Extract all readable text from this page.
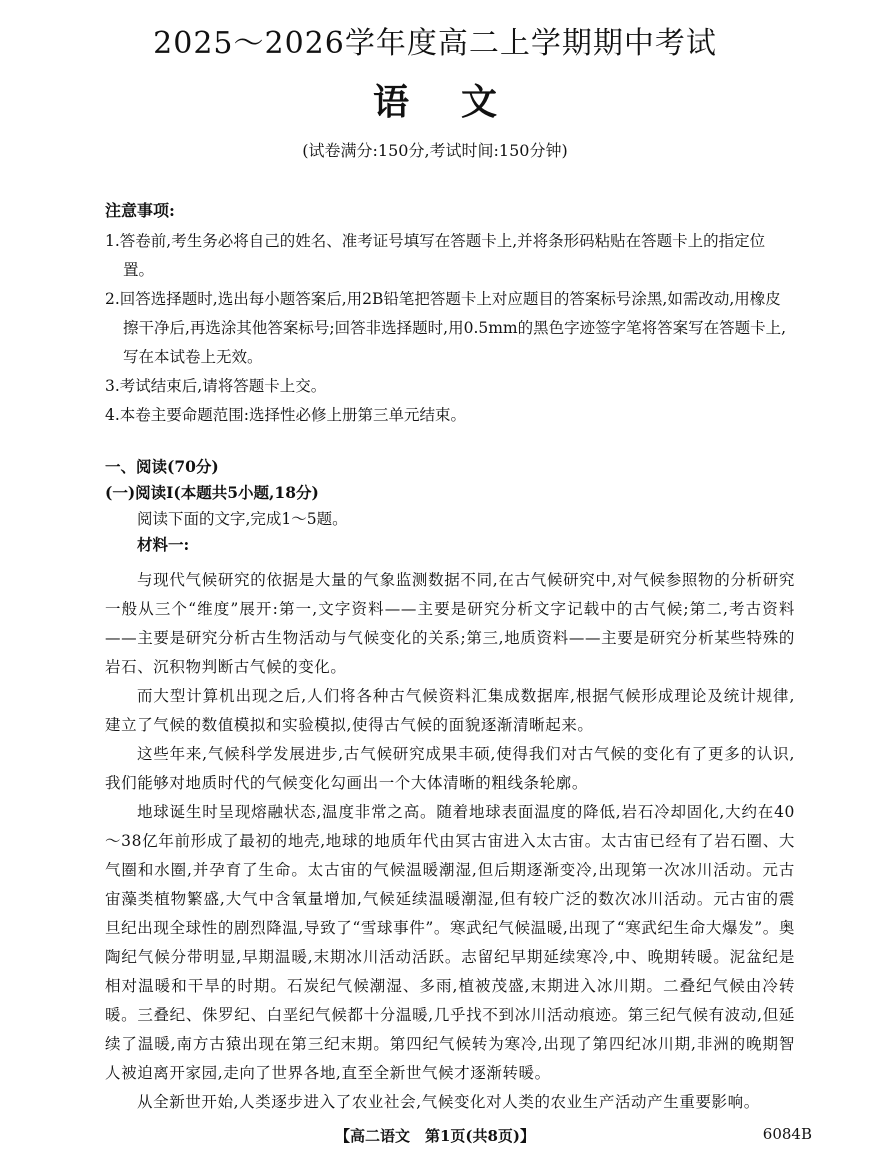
2025～2026学年度高二上学期期中考试
语文
(试卷满分:150分,考试时间:150分钟)

注意事项:

1.答卷前,考生务必将自己的姓名、准考证号填写在答题卡上,并将条形码粘贴在答题卡上的指定位置。

2.回答选择题时,选出每小题答案后,用2B铅笔把答题卡上对应题目的答案标号涂黑,如需改动,用橡皮擦干净后,再选涂其他答案标号;回答非选择题时,用0.5mm的黑色字迹签字笔将答案写在答题卡上,写在本试卷上无效。

3.考试结束后,请将答题卡上交。

4.本卷主要命题范围:选择性必修上册第三单元结束。

一、阅读(70分)

(一)阅读Ⅰ(本题共5小题,18分)

阅读下面的文字,完成1～5题。

材料一:

与现代气候研究的依据是大量的气象监测数据不同,在古气候研究中,对气候参照物的分析研究一般从三个“维度”展开:第一,文字资料——主要是研究分析文字记载中的古气候;第二,考古资料——主要是研究分析古生物活动与气候变化的关系;第三,地质资料——主要是研究分析某些特殊的岩石、沉积物判断古气候的变化。

而大型计算机出现之后,人们将各种古气候资料汇集成数据库,根据气候形成理论及统计规律,建立了气候的数值模拟和实验模拟,使得古气候的面貌逐渐清晰起来。

这些年来,气候科学发展进步,古气候研究成果丰硕,使得我们对古气候的变化有了更多的认识,我们能够对地质时代的气候变化勾画出一个大体清晰的粗线条轮廓。

地球诞生时呈现熔融状态,温度非常之高。随着地球表面温度的降低,岩石冷却固化,大约在40～38亿年前形成了最初的地壳,地球的地质年代由冥古宙进入太古宙。太古宙已经有了岩石圈、大气圈和水圈,并孕育了生命。太古宙的气候温暖潮湿,但后期逐渐变冷,出现第一次冰川活动。元古宙藻类植物繁盛,大气中含氧量增加,气候延续温暖潮湿,但有较广泛的数次冰川活动。元古宙的震旦纪出现全球性的剧烈降温,导致了“雪球事件”。寒武纪气候温暖,出现了“寒武纪生命大爆发”。奥陶纪气候分带明显,早期温暖,末期冰川活动活跃。志留纪早期延续寒冷,中、晚期转暖。泥盆纪是相对温暖和干旱的时期。石炭纪气候潮湿、多雨,植被茂盛,末期进入冰川期。二叠纪气候由冷转暖。三叠纪、侏罗纪、白垩纪气候都十分温暖,几乎找不到冰川活动痕迹。第三纪气候有波动,但延续了温暖,南方古猿出现在第三纪末期。第四纪气候转为寒冷,出现了第四纪冰川期,非洲的晚期智人被迫离开家园,走向了世界各地,直至全新世气候才逐渐转暖。

从全新世开始,人类逐步进入了农业社会,气候变化对人类的农业生产活动产生重要影响。

【高二语文　第1页(共8页)】	6084B
